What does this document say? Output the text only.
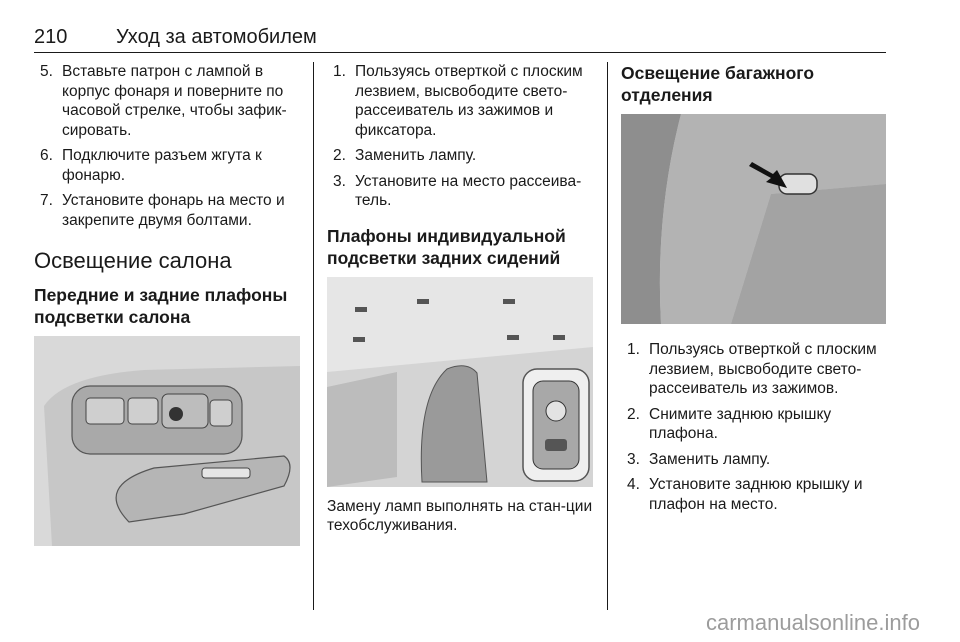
210 Уход за автомобилем
5. Вставьте патрон с лампой в корпус фонаря и поверните по часовой стрелке, чтобы зафик-сировать.
6. Подключите разъем жгута к фонарю.
7. Установите фонарь на место и закрепите двумя болтами.
Освещение салона
Передние и задние плафоны подсветки салона
1. Пользуясь отверткой с плоским лезвием, высвободите свето-рассеиватель из зажимов и фиксатора.
2. Заменить лампу.
3. Установите на место рассеива-тель.
Плафоны индивидуальной подсветки задних сидений
Замену ламп выполнять на стан-ции техобслуживания.
Освещение багажного отделения
1. Пользуясь отверткой с плоским лезвием, высвободите свето-рассеиватель из зажимов.
2. Снимите заднюю крышку плафона.
3. Заменить лампу.
4. Установите заднюю крышку и плафон на место.
carmanualsonline.info
